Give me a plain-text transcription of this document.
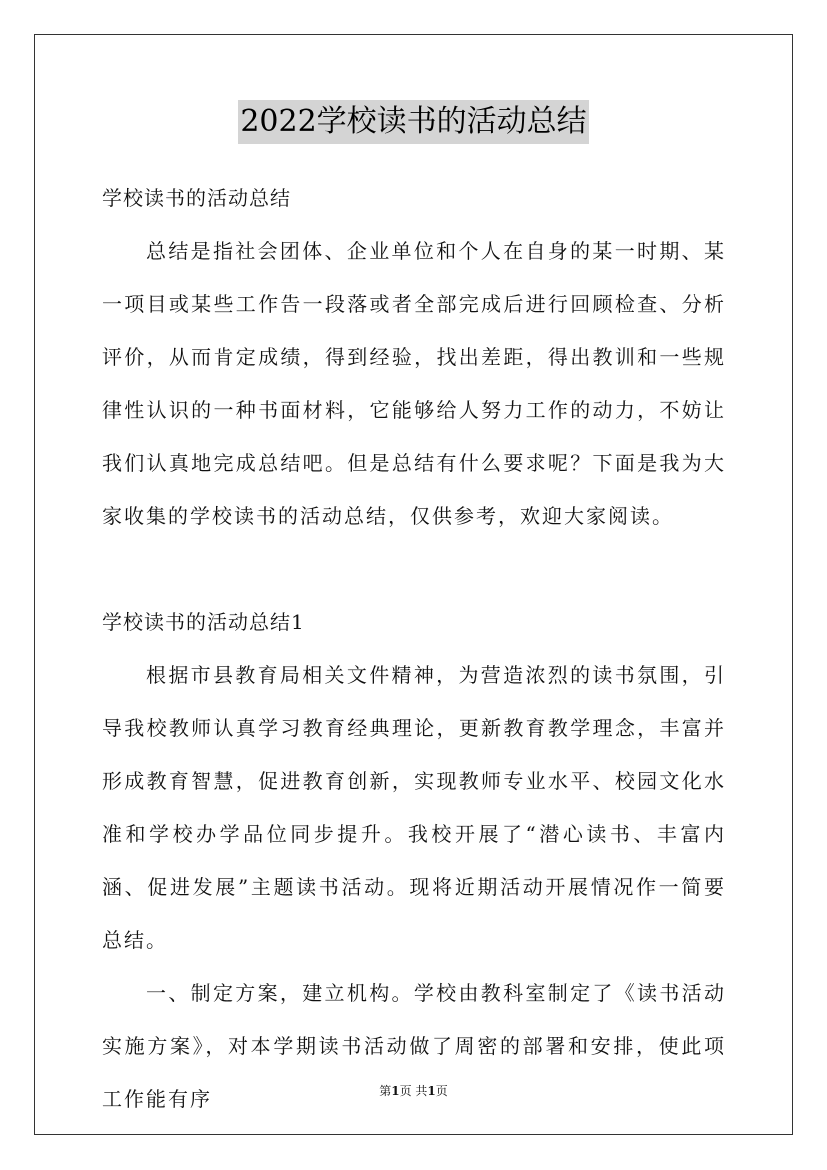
2022学校读书的活动总结

学校读书的活动总结

总结是指社会团体、企业单位和个人在自身的某一时期、某一项目或某些工作告一段落或者全部完成后进行回顾检查、分析评价，从而肯定成绩，得到经验，找出差距，得出教训和一些规律性认识的一种书面材料，它能够给人努力工作的动力，不妨让我们认真地完成总结吧。但是总结有什么要求呢？下面是我为大家收集的学校读书的活动总结，仅供参考，欢迎大家阅读。

学校读书的活动总结1

根据市县教育局相关文件精神，为营造浓烈的读书氛围，引导我校教师认真学习教育经典理论，更新教育教学理念，丰富并形成教育智慧，促进教育创新，实现教师专业水平、校园文化水准和学校办学品位同步提升。我校开展了“潜心读书、丰富内涵、促进发展”主题读书活动。现将近期活动开展情况作一简要总结。

一、制定方案，建立机构。学校由教科室制定了《读书活动实施方案》，对本学期读书活动做了周密的部署和安排，使此项工作能有序	第1页 共1页
